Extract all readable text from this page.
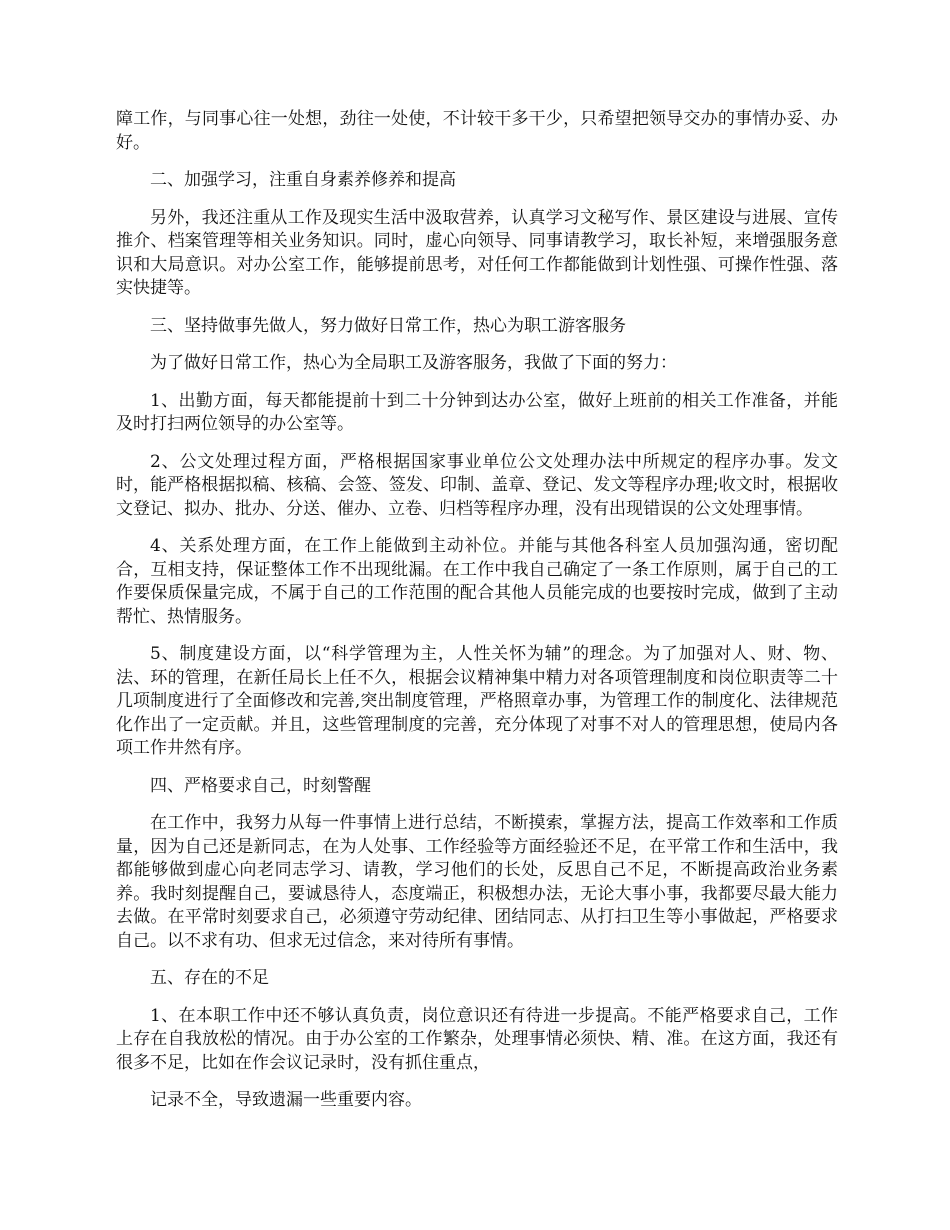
障工作，与同事心往一处想，劲往一处使，不计较干多干少，只希望把领导交办的事情办妥、办好。

二、加强学习，注重自身素养修养和提高

另外，我还注重从工作及现实生活中汲取营养，认真学习文秘写作、景区建设与进展、宣传推介、档案管理等相关业务知识。同时，虚心向领导、同事请教学习，取长补短，来增强服务意识和大局意识。对办公室工作，能够提前思考，对任何工作都能做到计划性强、可操作性强、落实快捷等。

三、坚持做事先做人，努力做好日常工作，热心为职工游客服务

为了做好日常工作，热心为全局职工及游客服务，我做了下面的努力：

1、出勤方面，每天都能提前十到二十分钟到达办公室，做好上班前的相关工作准备，并能及时打扫两位领导的办公室等。

2、公文处理过程方面，严格根据国家事业单位公文处理办法中所规定的程序办事。发文时，能严格根据拟稿、核稿、会签、签发、印制、盖章、登记、发文等程序办理;收文时，根据收文登记、拟办、批办、分送、催办、立卷、归档等程序办理，没有出现错误的公文处理事情。

4、关系处理方面，在工作上能做到主动补位。并能与其他各科室人员加强沟通，密切配合，互相支持，保证整体工作不出现纰漏。在工作中我自己确定了一条工作原则，属于自己的工作要保质保量完成，不属于自己的工作范围的配合其他人员能完成的也要按时完成，做到了主动帮忙、热情服务。

5、制度建设方面，以“科学管理为主，人性关怀为辅”的理念。为了加强对人、财、物、法、环的管理，在新任局长上任不久，根据会议精神集中精力对各项管理制度和岗位职责等二十几项制度进行了全面修改和完善,突出制度管理，严格照章办事，为管理工作的制度化、法律规范化作出了一定贡献。并且，这些管理制度的完善，充分体现了对事不对人的管理思想，使局内各项工作井然有序。

四、严格要求自己，时刻警醒

在工作中，我努力从每一件事情上进行总结，不断摸索，掌握方法，提高工作效率和工作质量，因为自己还是新同志，在为人处事、工作经验等方面经验还不足，在平常工作和生活中，我都能够做到虚心向老同志学习、请教，学习他们的长处，反思自己不足，不断提高政治业务素养。我时刻提醒自己，要诚恳待人，态度端正，积极想办法，无论大事小事，我都要尽最大能力去做。在平常时刻要求自己，必须遵守劳动纪律、团结同志、从打扫卫生等小事做起，严格要求自己。以不求有功、但求无过信念，来对待所有事情。

五、存在的不足

1、在本职工作中还不够认真负责，岗位意识还有待进一步提高。不能严格要求自己，工作上存在自我放松的情况。由于办公室的工作繁杂，处理事情必须快、精、准。在这方面，我还有很多不足，比如在作会议记录时，没有抓住重点，

记录不全，导致遗漏一些重要内容。
